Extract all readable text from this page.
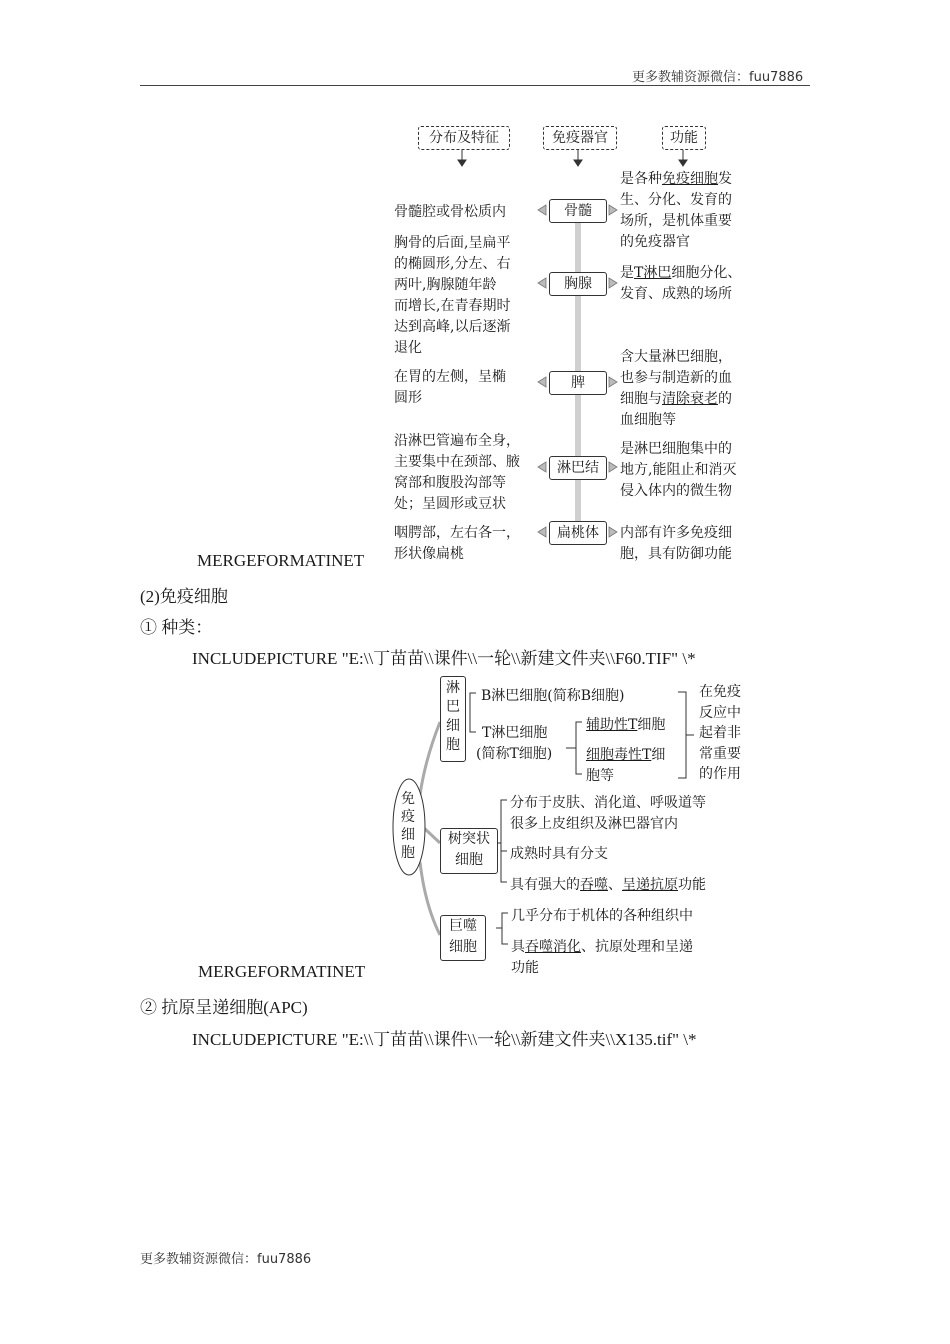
更多教辅资源微信：fuu7886
分布及特征	免疫器官	功能
骨髓
胸腺
脾
淋巴结
扁桃体
骨髓腔或骨松质内
胸骨的后面,呈扁平
的椭圆形,分左、右
两叶,胸腺随年龄
而增长,在青春期时
达到高峰,以后逐渐
退化
在胃的左侧，呈椭
圆形
沿淋巴管遍布全身，
主要集中在颈部、腋
窝部和腹股沟部等
处；呈圆形或豆状
咽腭部，左右各一，
形状像扁桃
是各种免疫细胞发
生、分化、发育的
场所，是机体重要
的免疫器官
是T淋巴细胞分化、
发育、成熟的场所
含大量淋巴细胞，
也参与制造新的血
细胞与清除衰老的
血细胞等
是淋巴细胞集中的
地方,能阻止和消灭
侵入体内的微生物
内部有许多免疫细
胞，具有防御功能
MERGEFORMATINET
(2)免疫细胞
① 种类：
INCLUDEPICTURE "E:\\丁苗苗\\课件\\一轮\\新建文件夹\\F60.TIF" \*
免
疫
细
胞
淋
巴
细
胞
B淋巴细胞(简称B细胞)
T淋巴细胞
(简称T细胞)
辅助性T细胞
细胞毒性T细
胞等
在免疫
反应中
起着非
常重要
的作用
树突状
细胞
分布于皮肤、消化道、呼吸道等
很多上皮组织及淋巴器官内
成熟时具有分支
具有强大的吞噬、呈递抗原功能
巨噬
细胞
几乎分布于机体的各种组织中
具吞噬消化、抗原处理和呈递
功能
MERGEFORMATINET
② 抗原呈递细胞(APC)
INCLUDEPICTURE "E:\\丁苗苗\\课件\\一轮\\新建文件夹\\X135.tif" \*
更多教辅资源微信：fuu7886
